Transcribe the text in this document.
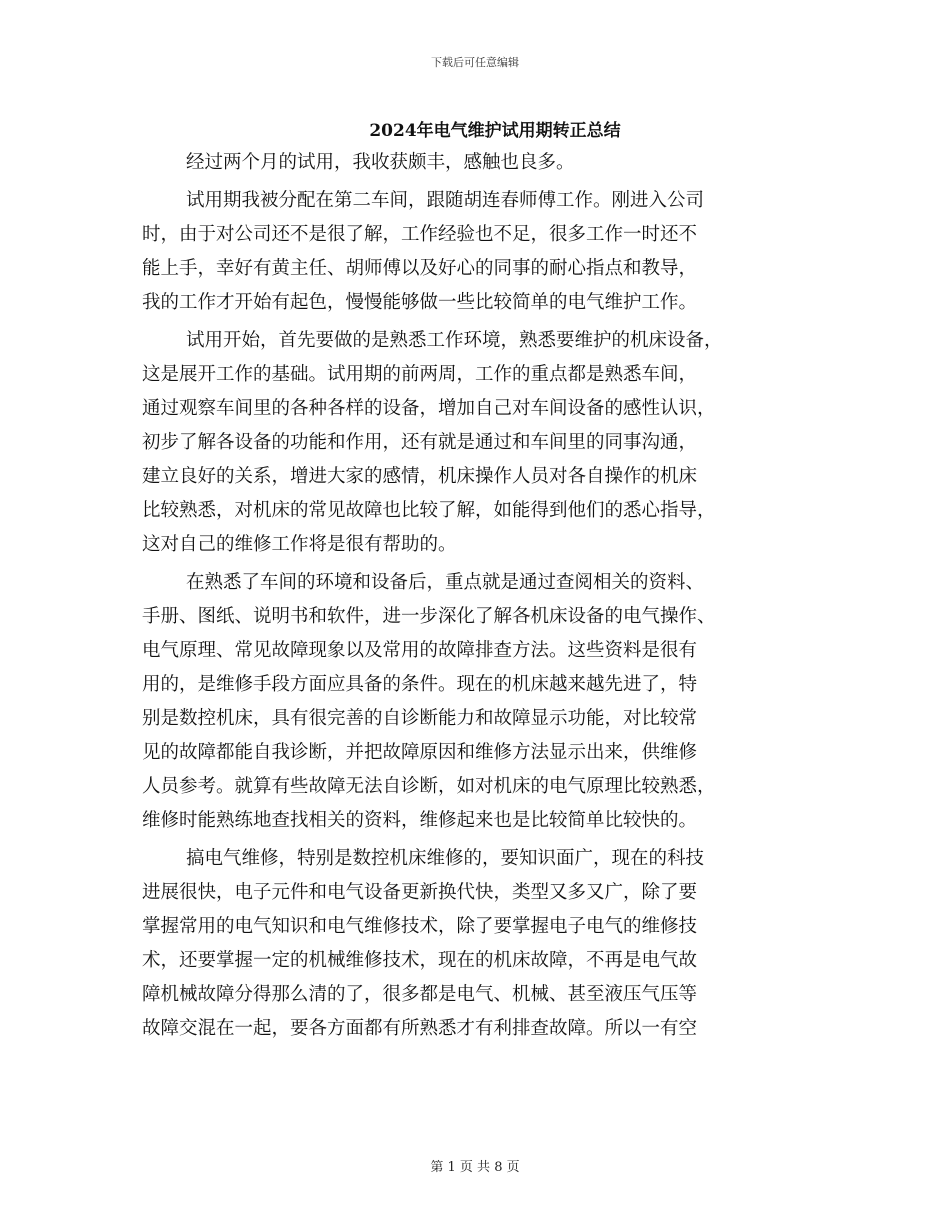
下载后可任意编辑
2024年电气维护试用期转正总结
经过两个月的试用，我收获颇丰，感触也良多。
试用期我被分配在第二车间，跟随胡连春师傅工作。刚进入公司
时，由于对公司还不是很了解，工作经验也不足，很多工作一时还不
能上手，幸好有黄主任、胡师傅以及好心的同事的耐心指点和教导，
我的工作才开始有起色，慢慢能够做一些比较简单的电气维护工作。
试用开始，首先要做的是熟悉工作环境，熟悉要维护的机床设备，
这是展开工作的基础。试用期的前两周，工作的重点都是熟悉车间，
通过观察车间里的各种各样的设备，增加自己对车间设备的感性认识，
初步了解各设备的功能和作用，还有就是通过和车间里的同事沟通，
建立良好的关系，增进大家的感情，机床操作人员对各自操作的机床
比较熟悉，对机床的常见故障也比较了解，如能得到他们的悉心指导，
这对自己的维修工作将是很有帮助的。
在熟悉了车间的环境和设备后，重点就是通过查阅相关的资料、
手册、图纸、说明书和软件，进一步深化了解各机床设备的电气操作、
电气原理、常见故障现象以及常用的故障排查方法。这些资料是很有
用的，是维修手段方面应具备的条件。现在的机床越来越先进了，特
别是数控机床，具有很完善的自诊断能力和故障显示功能，对比较常
见的故障都能自我诊断，并把故障原因和维修方法显示出来，供维修
人员参考。就算有些故障无法自诊断，如对机床的电气原理比较熟悉，
维修时能熟练地查找相关的资料，维修起来也是比较简单比较快的。
搞电气维修，特别是数控机床维修的，要知识面广，现在的科技
进展很快，电子元件和电气设备更新换代快，类型又多又广，除了要
掌握常用的电气知识和电气维修技术，除了要掌握电子电气的维修技
术，还要掌握一定的机械维修技术，现在的机床故障，不再是电气故
障机械故障分得那么清的了，很多都是电气、机械、甚至液压气压等
故障交混在一起，要各方面都有所熟悉才有利排查故障。所以一有空
第 1 页 共 8 页
